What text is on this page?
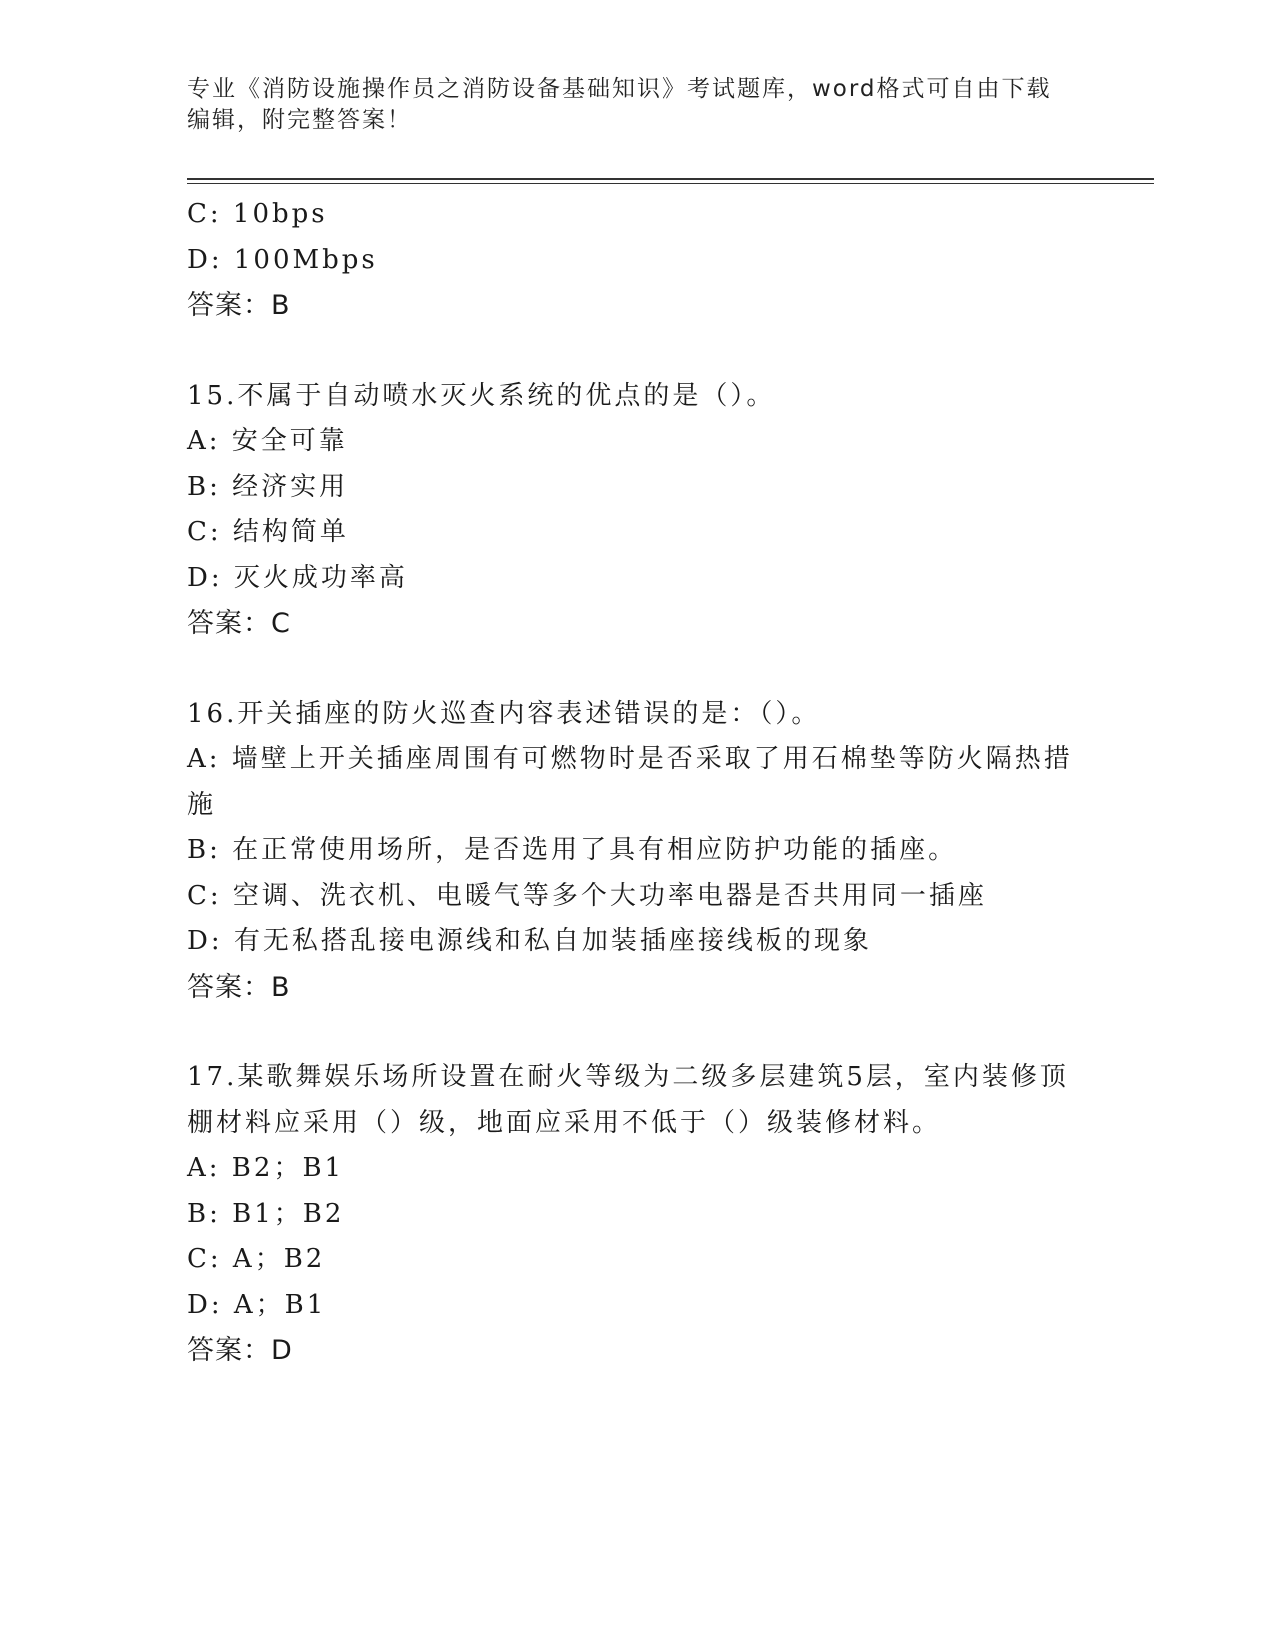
专业《消防设施操作员之消防设备基础知识》考试题库，word格式可自由下载编辑，附完整答案！
C: 10bps
D: 100Mbps
答案：B
15.不属于自动喷水灭火系统的优点的是（）。
A: 安全可靠
B: 经济实用
C: 结构简单
D: 灭火成功率高
答案：C
16.开关插座的防火巡查内容表述错误的是：（）。
A: 墙壁上开关插座周围有可燃物时是否采取了用石棉垫等防火隔热措施
B: 在正常使用场所，是否选用了具有相应防护功能的插座。
C: 空调、洗衣机、电暖气等多个大功率电器是否共用同一插座
D: 有无私搭乱接电源线和私自加装插座接线板的现象
答案：B
17.某歌舞娱乐场所设置在耐火等级为二级多层建筑5层，室内装修顶棚材料应采用（）级，地面应采用不低于（）级装修材料。
A: B2；B1
B: B1；B2
C: A；B2
D: A；B1
答案：D
